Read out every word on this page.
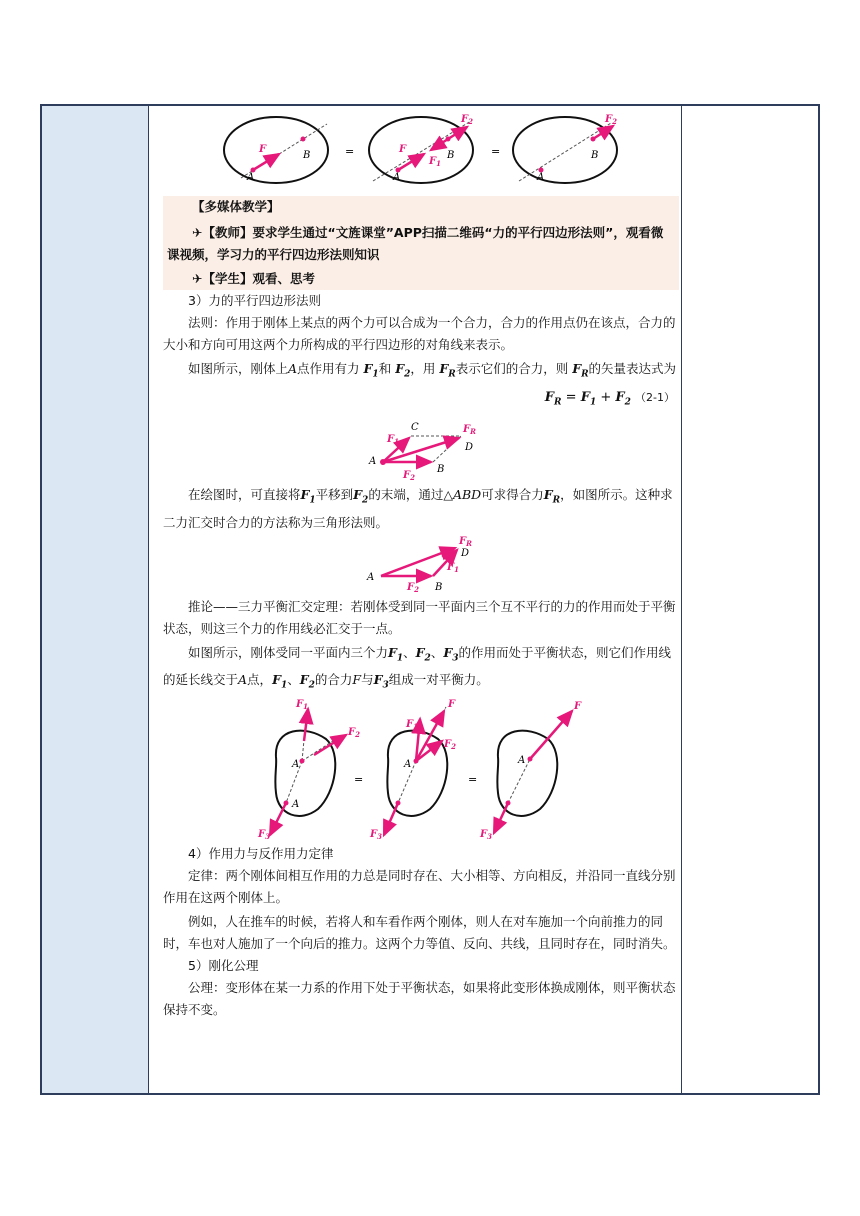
F
A
B	=	F
$F_1$
$F_2$
A
B	=
$F_2$
A
B

【多媒体教学】

✈【教师】要求学生通过“文旌课堂”APP扫描二维码“力的平行四边形法则”，观看微课视频，学习力的平行四边形法则知识

✈【学生】观看、思考

3）力的平行四边形法则

法则：作用于刚体上某点的两个力可以合成为一个合力，合力的作用点仍在该点，合力的大小和方向可用这两个力所构成的平行四边形的对角线来表示。

如图所示，刚体上A点作用有力 $F_1$和 $F_2$，用 $F_R$表示它们的合力，则 $F_R$的矢量表达式为

$F_R = F_1 + F_2$ （2-1）
A
C
D
B
$F_1$
$F_2$
$F_R$

在绘图时，可直接将$F_1$平移到$F_2$的末端，通过△ABD可求得合力$F_R$，如图所示。这种求二力汇交时合力的方法称为三角形法则。

A
B
D
$F_R$
$F_1$
$F_2$

推论——三力平衡汇交定理：若刚体受到同一平面内三个互不平行的力的作用而处于平衡状态，则这三个力的作用线必汇交于一点。

如图所示，刚体受同一平面内三个力$F_1$、$F_2$、$F_3$的作用而处于平衡状态，则它们作用线的延长线交于A点，$F_1$、$F_2$的合力F与$F_3$组成一对平衡力。

A
A
$F_1$
$F_2$
$F_3$
=
A
F
$F_1$
$F_2$
$F_3$
=
A
F
$F_3$

4）作用力与反作用力定律

定律：两个刚体间相互作用的力总是同时存在、大小相等、方向相反，并沿同一直线分别作用在这两个刚体上。

例如，人在推车的时候，若将人和车看作两个刚体，则人在对车施加一个向前推力的同时，车也对人施加了一个向后的推力。这两个力等值、反向、共线，且同时存在，同时消失。

5）刚化公理

公理：变形体在某一力系的作用下处于平衡状态，如果将此变形体换成刚体，则平衡状态保持不变。
